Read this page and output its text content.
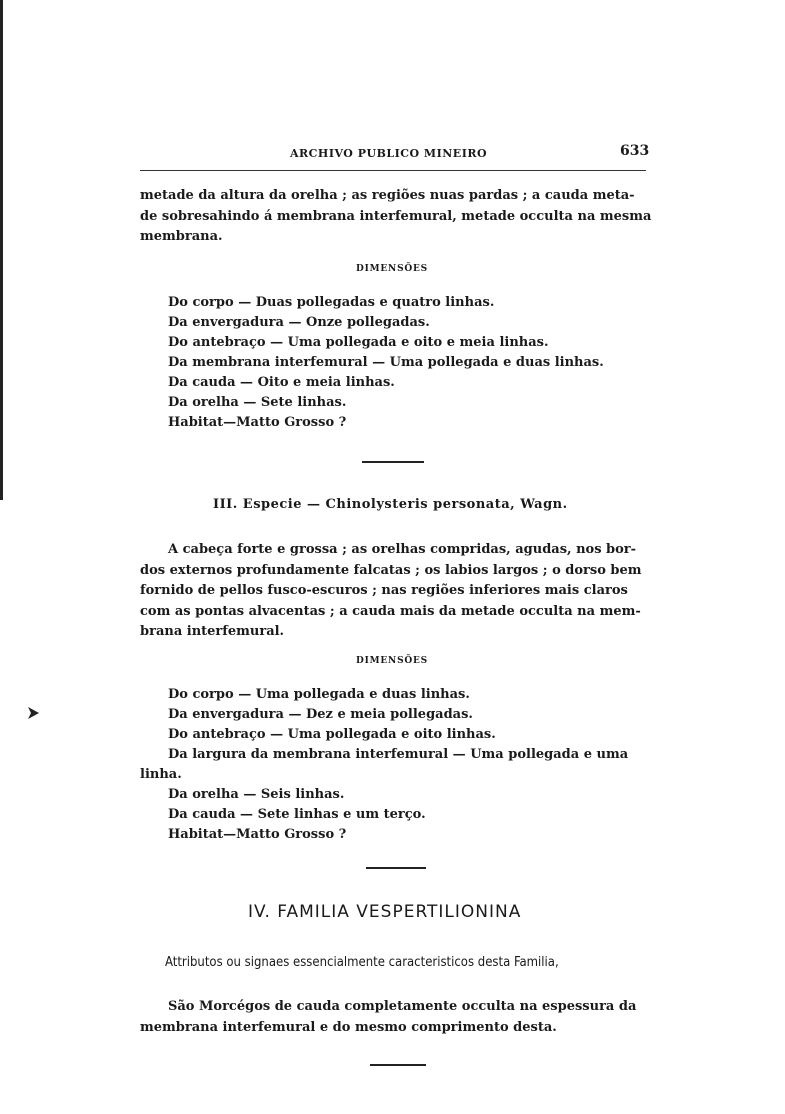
ARCHIVO PUBLICO MINEIRO	633
metade da altura da orelha ; as regiões nuas pardas ; a cauda meta-
de sobresahindo á membrana interfemural, metade occulta na mesma
membrana.
DIMENSÕES
Do corpo — Duas pollegadas e quatro linhas.
Da envergadura — Onze pollegadas.
Do antebraço — Uma pollegada e oito e meia linhas.
Da membrana interfemural — Uma pollegada e duas linhas.
Da cauda — Oito e meia linhas.
Da orelha — Sete linhas.
Habitat—Matto Grosso ?
III. Especie — Chinolysteris personata, Wagn.
A cabeça forte e grossa ; as orelhas compridas, agudas, nos bor-
dos externos profundamente falcatas ; os labios largos ; o dorso bem
fornido de pellos fusco-escuros ; nas regiões inferiores mais claros
com as pontas alvacentas ; a cauda mais da metade occulta na mem-
brana interfemural.
DIMENSÕES
Do corpo — Uma pollegada e duas linhas.
Da envergadura — Dez e meia pollegadas.
Do antebraço — Uma pollegada e oito linhas.
Da largura da membrana interfemural — Uma pollegada e uma
linha.
Da orelha — Seis linhas.
Da cauda — Sete linhas e um terço.
Habitat—Matto Grosso ?
IV. FAMILIA VESPERTILIONINA
Attributos ou signaes essencialmente caracteristicos desta Familia,
São Morcégos de cauda completamente occulta na espessura da
membrana interfemural e do mesmo comprimento desta.
